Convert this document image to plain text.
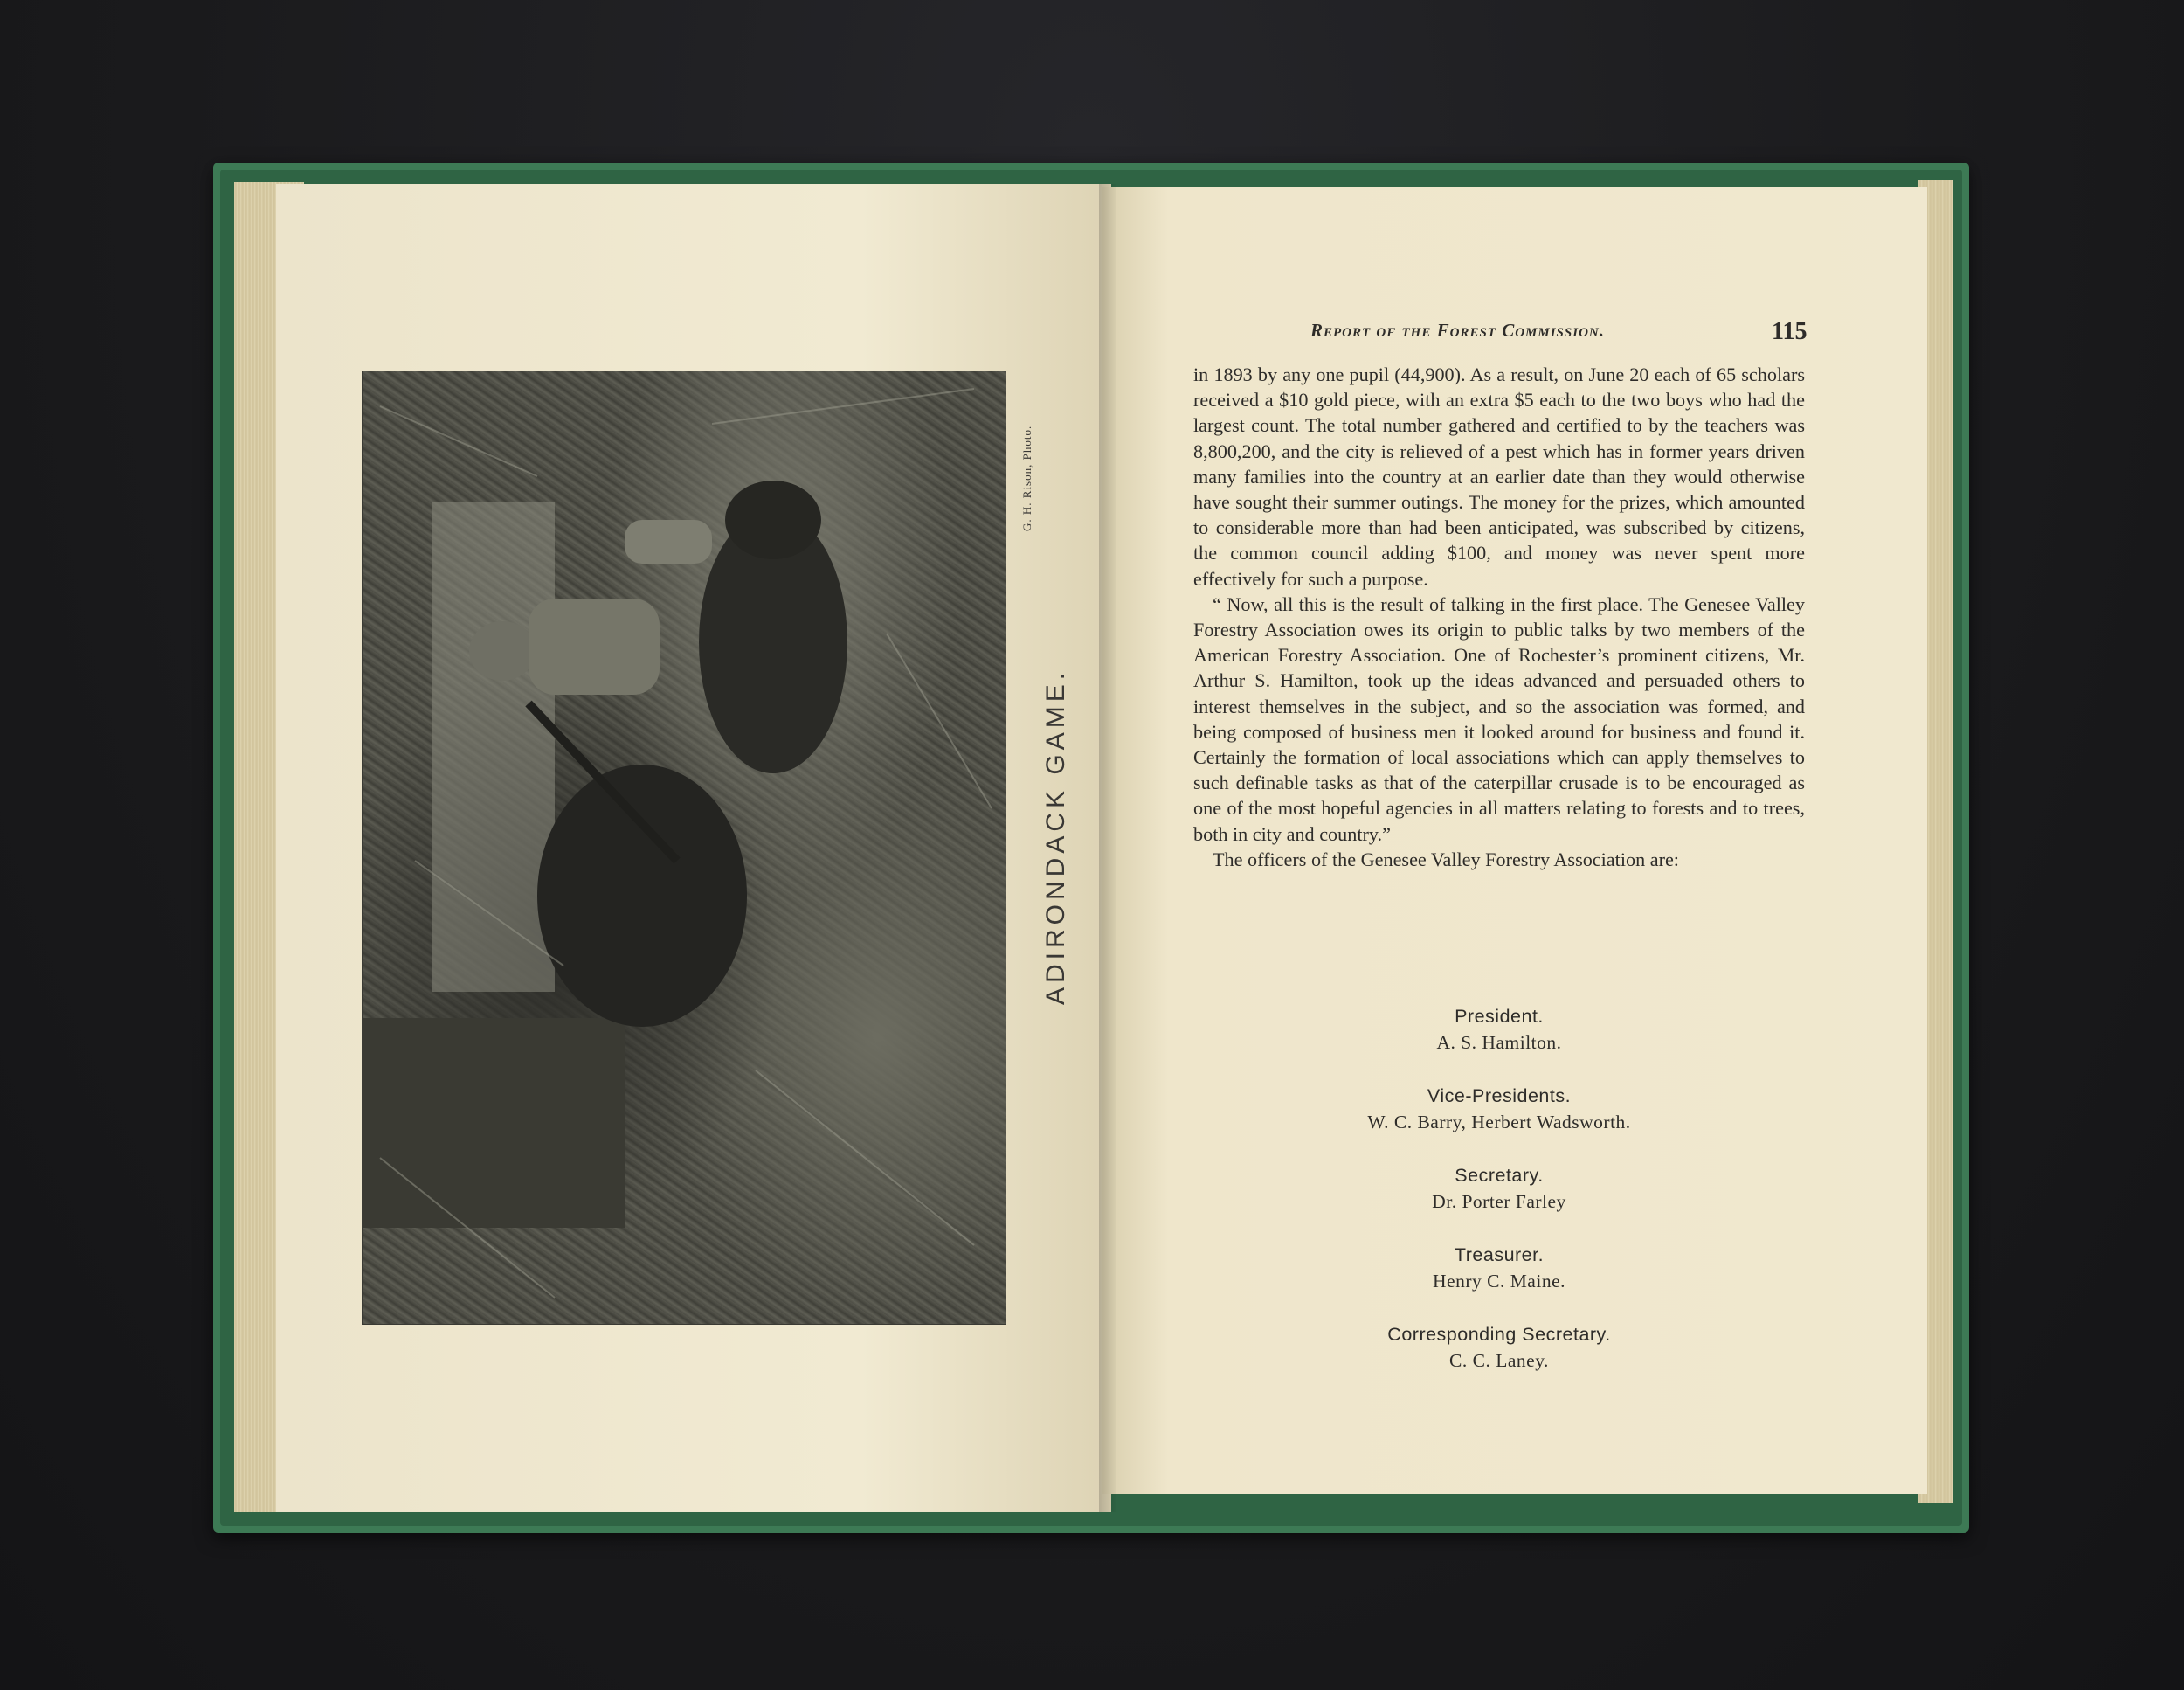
G. H. Rison, Photo.
ADIRONDACK GAME.
Report of the Forest Commission.	115

in 1893 by any one pupil (44,900). As a result, on June 20 each of 65 scholars received a $10 gold piece, with an extra $5 each to the two boys who had the largest count. The total number gathered and certified to by the teachers was 8,800,200, and the city is relieved of a pest which has in former years driven many families into the country at an earlier date than they would otherwise have sought their summer outings. The money for the prizes, which amounted to considerable more than had been anticipated, was subscribed by citizens, the common council adding $100, and money was never spent more effectively for such a purpose.

“ Now, all this is the result of talking in the first place. The Genesee Valley Forestry Association owes its origin to public talks by two members of the American Forestry Association. One of Rochester’s prominent citizens, Mr. Arthur S. Hamilton, took up the ideas advanced and persuaded others to interest themselves in the subject, and so the association was formed, and being composed of business men it looked around for business and found it. Certainly the formation of local associations which can apply themselves to such definable tasks as that of the caterpillar crusade is to be encouraged as one of the most hopeful agencies in all matters relating to forests and to trees, both in city and country.”

The officers of the Genesee Valley Forestry Association are:

President.
A. S. Hamilton.
Vice-Presidents.
W. C. Barry, Herbert Wadsworth.
Secretary.
Dr. Porter Farley
Treasurer.
Henry C. Maine.
Corresponding Secretary.
C. C. Laney.
